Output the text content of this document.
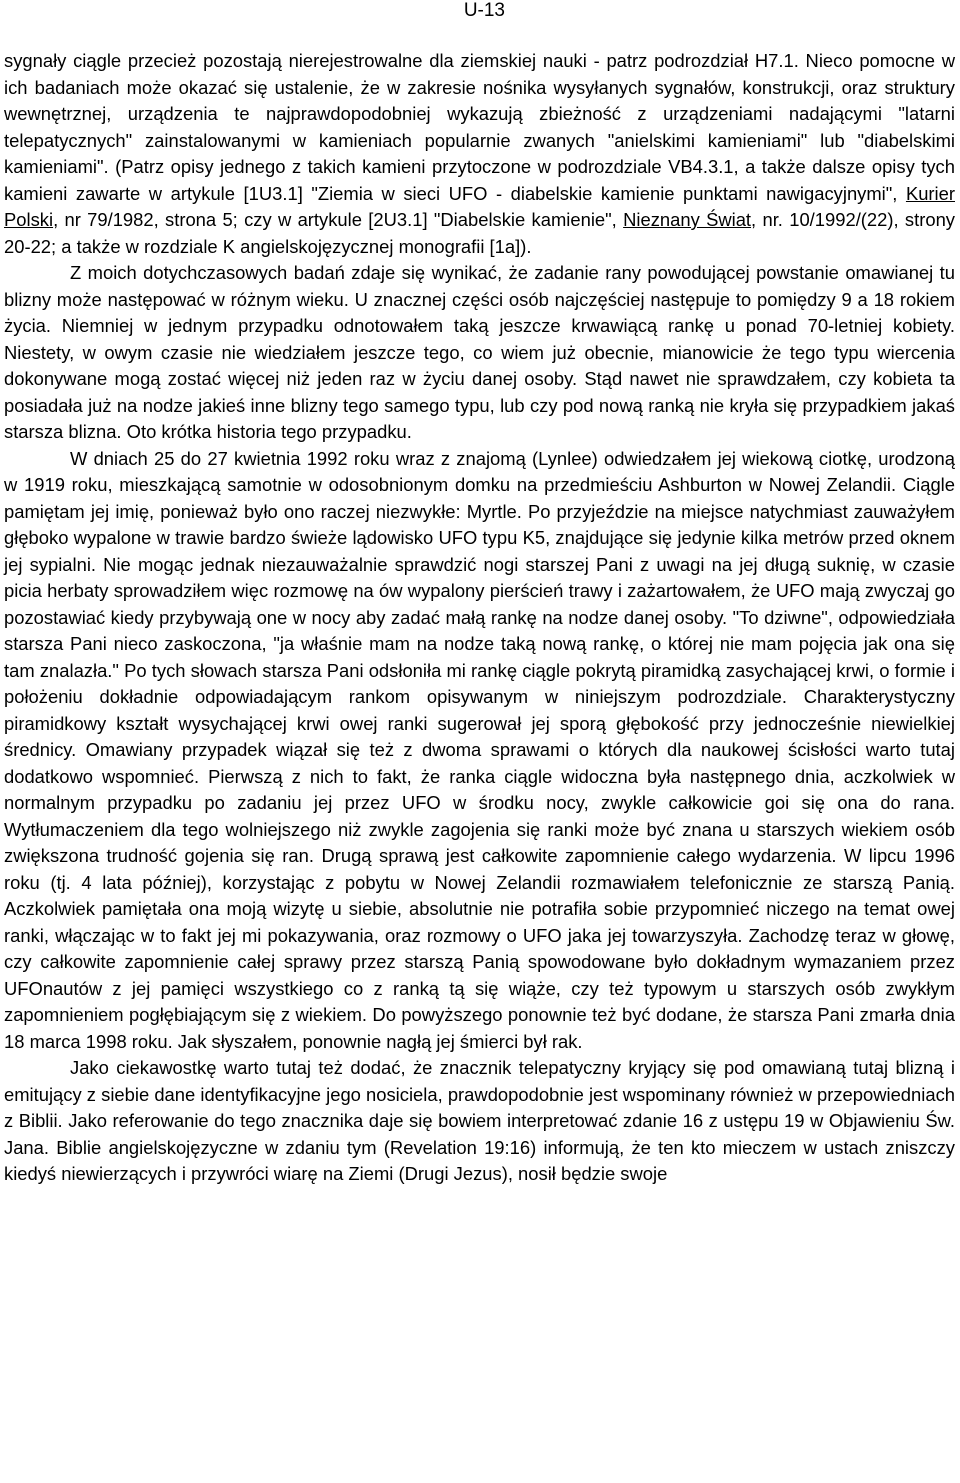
U-13

sygnały ciągle przecież pozostają nierejestrowalne dla ziemskiej nauki - patrz podrozdział H7.1. Nieco pomocne w ich badaniach może okazać się ustalenie, że w zakresie nośnika wysyłanych sygnałów, konstrukcji, oraz struktury wewnętrznej, urządzenia te najprawdopodobniej wykazują zbieżność z urządzeniami nadającymi "latarni telepatycznych" zainstalowanymi w kamieniach popularnie zwanych "anielskimi kamieniami" lub "diabelskimi kamieniami". (Patrz opisy jednego z takich kamieni przytoczone w podrozdziale VB4.3.1, a także dalsze opisy tych kamieni zawarte w artykule [1U3.1] "Ziemia w sieci UFO - diabelskie kamienie punktami nawigacyjnymi", Kurier Polski, nr 79/1982, strona 5; czy w artykule [2U3.1] "Diabelskie kamienie", Nieznany Świat, nr. 10/1992/(22), strony 20-22; a także w rozdziale K angielskojęzycznej monografii [1a]).

Z moich dotychczasowych badań zdaje się wynikać, że zadanie rany powodującej powstanie omawianej tu blizny może następować w różnym wieku. U znacznej części osób najczęściej następuje to pomiędzy 9 a 18 rokiem życia. Niemniej w jednym przypadku odnotowałem taką jeszcze krwawiącą rankę u ponad 70-letniej kobiety. Niestety, w owym czasie nie wiedziałem jeszcze tego, co wiem już obecnie, mianowicie że tego typu wiercenia dokonywane mogą zostać więcej niż jeden raz w życiu danej osoby. Stąd nawet nie sprawdzałem, czy kobieta ta posiadała już na nodze jakieś inne blizny tego samego typu, lub czy pod nową ranką nie kryła się przypadkiem jakaś starsza blizna. Oto krótka historia tego przypadku.

W dniach 25 do 27 kwietnia 1992 roku wraz z znajomą (Lynlee) odwiedzałem jej wiekową ciotkę, urodzoną w 1919 roku, mieszkającą samotnie w odosobnionym domku na przedmieściu Ashburton w Nowej Zelandii. Ciągle pamiętam jej imię, ponieważ było ono raczej niezwykłe: Myrtle. Po przyjeździe na miejsce natychmiast zauważyłem głęboko wypalone w trawie bardzo świeże lądowisko UFO typu K5, znajdujące się jedynie kilka metrów przed oknem jej sypialni. Nie mogąc jednak niezauważalnie sprawdzić nogi starszej Pani z uwagi na jej długą suknię, w czasie picia herbaty sprowadziłem więc rozmowę na ów wypalony pierścień trawy i zażartowałem, że UFO mają zwyczaj go pozostawiać kiedy przybywają one w nocy aby zadać małą rankę na nodze danej osoby. "To dziwne", odpowiedziała starsza Pani nieco zaskoczona, "ja właśnie mam na nodze taką nową rankę, o której nie mam pojęcia jak ona się tam znalazła." Po tych słowach starsza Pani odsłoniła mi rankę ciągle pokrytą piramidką zasychającej krwi, o formie i położeniu dokładnie odpowiadającym rankom opisywanym w niniejszym podrozdziale. Charakterystyczny piramidkowy kształt wysychającej krwi owej ranki sugerował jej sporą głębokość przy jednocześnie niewielkiej średnicy. Omawiany przypadek wiązał się też z dwoma sprawami o których dla naukowej ścisłości warto tutaj dodatkowo wspomnieć. Pierwszą z nich to fakt, że ranka ciągle widoczna była następnego dnia, aczkolwiek w normalnym przypadku po zadaniu jej przez UFO w środku nocy, zwykle całkowicie goi się ona do rana. Wytłumaczeniem dla tego wolniejszego niż zwykle zagojenia się ranki może być znana u starszych wiekiem osób zwiększona trudność gojenia się ran. Drugą sprawą jest całkowite zapomnienie całego wydarzenia. W lipcu 1996 roku (tj. 4 lata później), korzystając z pobytu w Nowej Zelandii rozmawiałem telefonicznie ze starszą Panią. Aczkolwiek pamiętała ona moją wizytę u siebie, absolutnie nie potrafiła sobie przypomnieć niczego na temat owej ranki, włączając w to fakt jej mi pokazywania, oraz rozmowy o UFO jaka jej towarzyszyła. Zachodzę teraz w głowę, czy całkowite zapomnienie całej sprawy przez starszą Panią spowodowane było dokładnym wymazaniem przez UFOnautów z jej pamięci wszystkiego co z ranką tą się wiąże, czy też typowym u starszych osób zwykłym zapomnieniem pogłębiającym się z wiekiem. Do powyższego ponownie też być dodane, że starsza Pani zmarła dnia 18 marca 1998 roku. Jak słyszałem, ponownie nagłą jej śmierci był rak.

Jako ciekawostkę warto tutaj też dodać, że znacznik telepatyczny kryjący się pod omawianą tutaj blizną i emitujący z siebie dane identyfikacyjne jego nosiciela, prawdopodobnie jest wspominany również w przepowiedniach z Biblii. Jako referowanie do tego znacznika daje się bowiem interpretować zdanie 16 z ustępu 19 w Objawieniu Św. Jana. Biblie angielskojęzyczne w zdaniu tym (Revelation 19:16) informują, że ten kto mieczem w ustach zniszczy kiedyś niewierzących i przywróci wiarę na Ziemi (Drugi Jezus), nosił będzie swoje
